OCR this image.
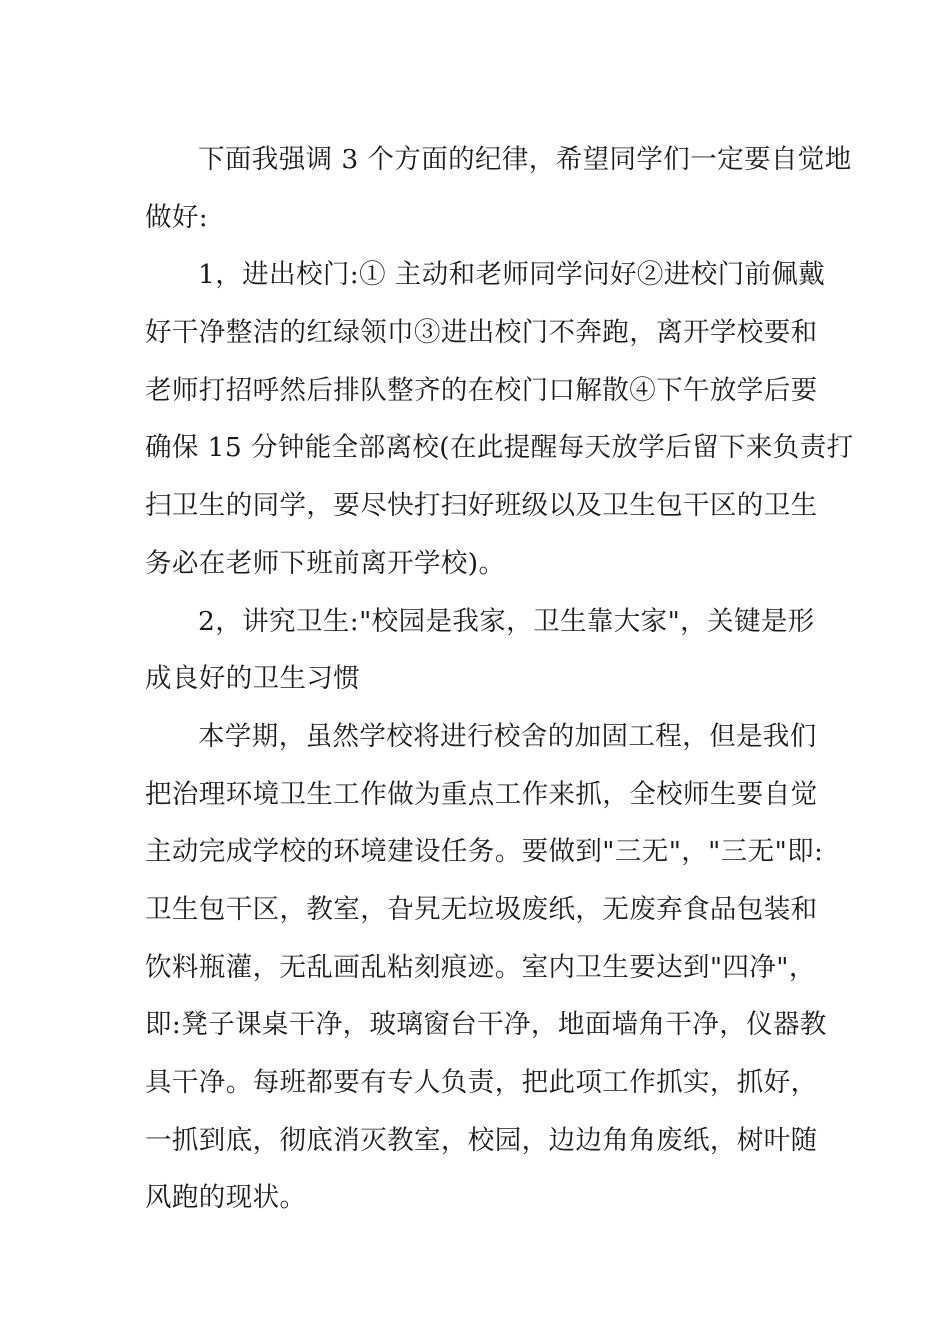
下面我强调 3 个方面的纪律，希望同学们一定要自觉地
做好:
1，进出校门:① 主动和老师同学问好②进校门前佩戴
好干净整洁的红绿领巾③进出校门不奔跑，离开学校要和
老师打招呼然后排队整齐的在校门口解散④下午放学后要
确保 15 分钟能全部离校(在此提醒每天放学后留下来负责打
扫卫生的同学，要尽快打扫好班级以及卫生包干区的卫生
务必在老师下班前离开学校)。
2，讲究卫生:"校园是我家，卫生靠大家"，关键是形
成良好的卫生习惯
本学期，虽然学校将进行校舍的加固工程，但是我们
把治理环境卫生工作做为重点工作来抓，全校师生要自觉
主动完成学校的环境建设任务。要做到"三无"，"三无"即:
卫生包干区，教室，旮旯无垃圾废纸，无废弃食品包装和
饮料瓶灌，无乱画乱粘刻痕迹。室内卫生要达到"四净"，
即:凳子课桌干净，玻璃窗台干净，地面墙角干净，仪器教
具干净。每班都要有专人负责，把此项工作抓实，抓好，
一抓到底，彻底消灭教室，校园，边边角角废纸，树叶随
风跑的现状。
